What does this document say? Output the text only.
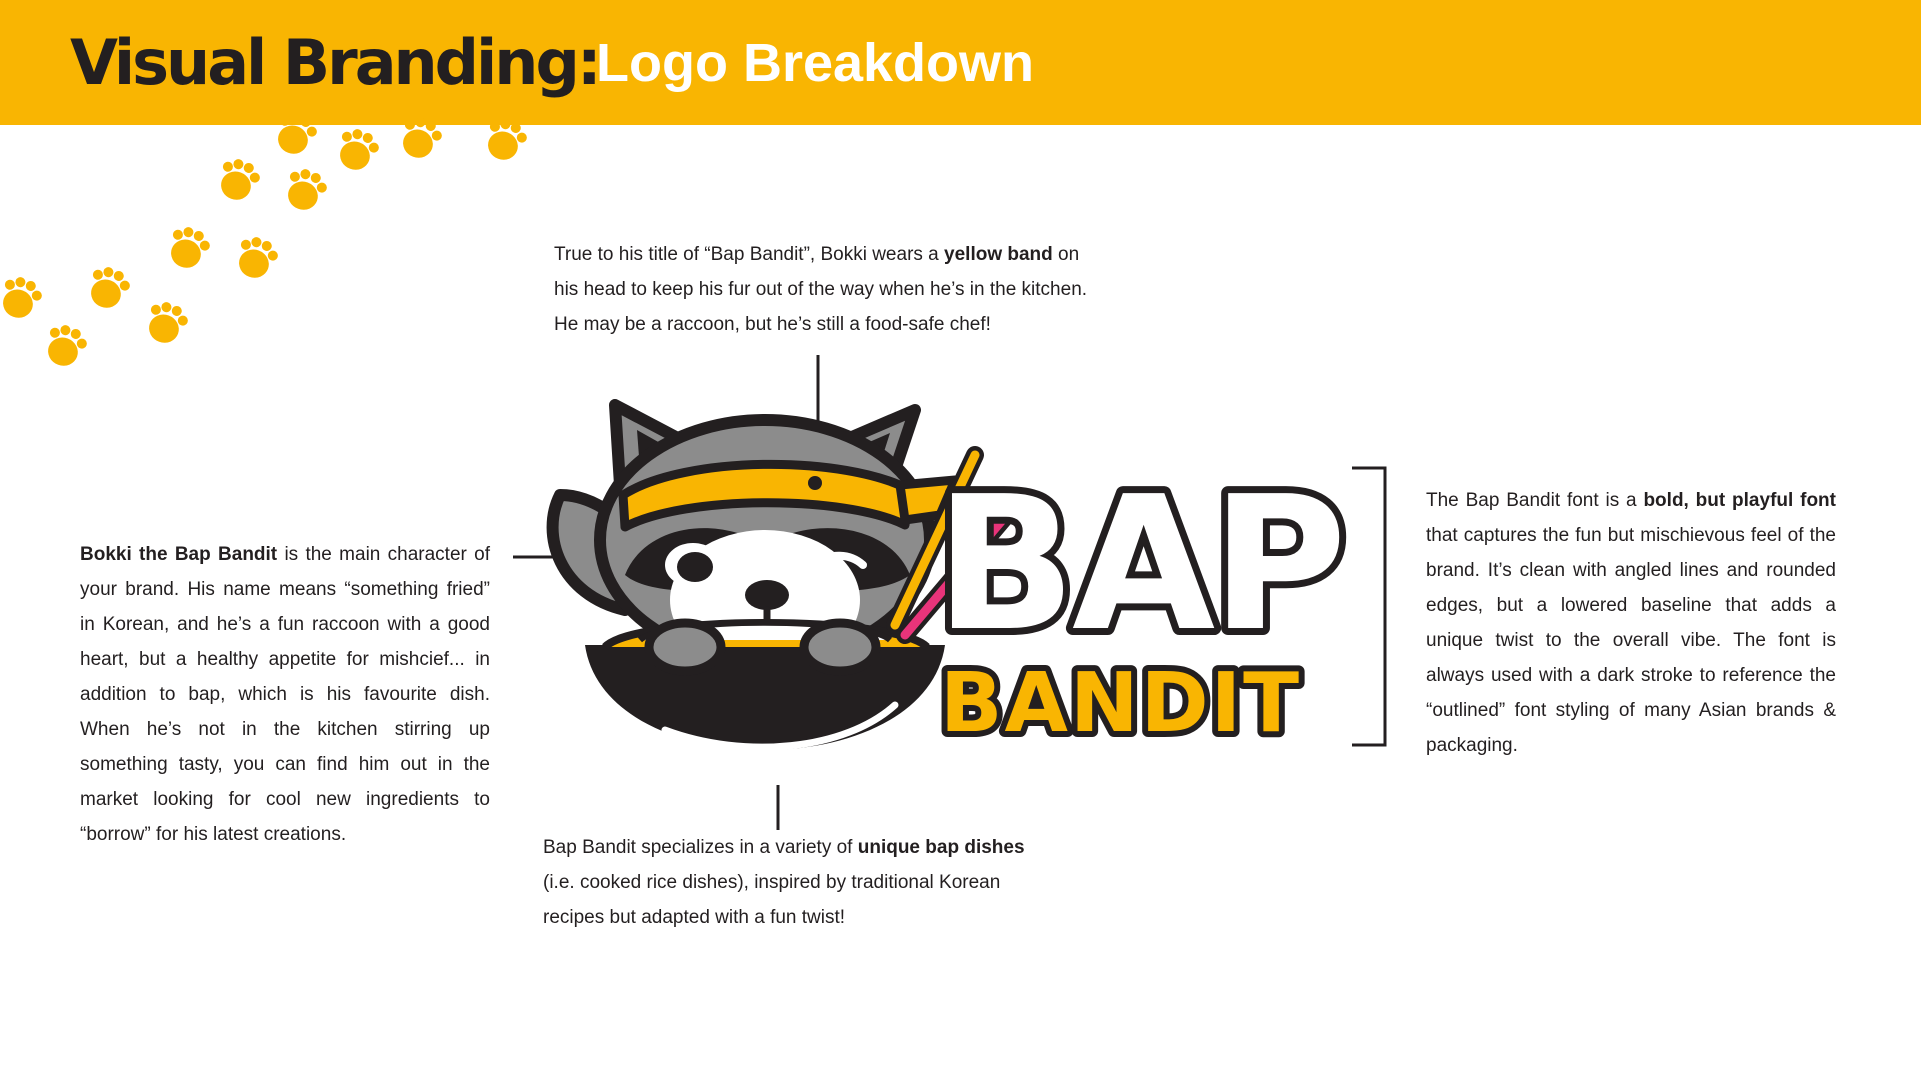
Visual Branding:
Logo Breakdown
True to his title of “Bap Bandit”, Bokki wears a yellow band on his head to keep his fur out of the way when he’s in the kitchen. He may be a raccoon, but he’s still a food-safe chef!
Bokki the Bap Bandit is the main character of your brand. His name means “something fried” in Korean, and he’s a fun raccoon with a good heart, but a healthy appetite for mishcief... in addition to bap, which is his favourite dish. When he’s not in the kitchen stirring up something tasty, you can find him out in the market looking for cool new ingredients to “borrow” for his latest creations.
Bap Bandit specializes in a variety of unique bap dishes (i.e. cooked rice dishes), inspired by traditional Korean recipes but adapted with a fun twist!
The Bap Bandit font is a bold, but playful font that captures the fun but mischievous feel of the brand. It’s clean with angled lines and rounded edges, but a lowered baseline that adds a unique twist to the overall vibe. The font is always used with a dark stroke to reference the “outlined” font styling of many Asian brands & packaging.
BAP
BANDIT
